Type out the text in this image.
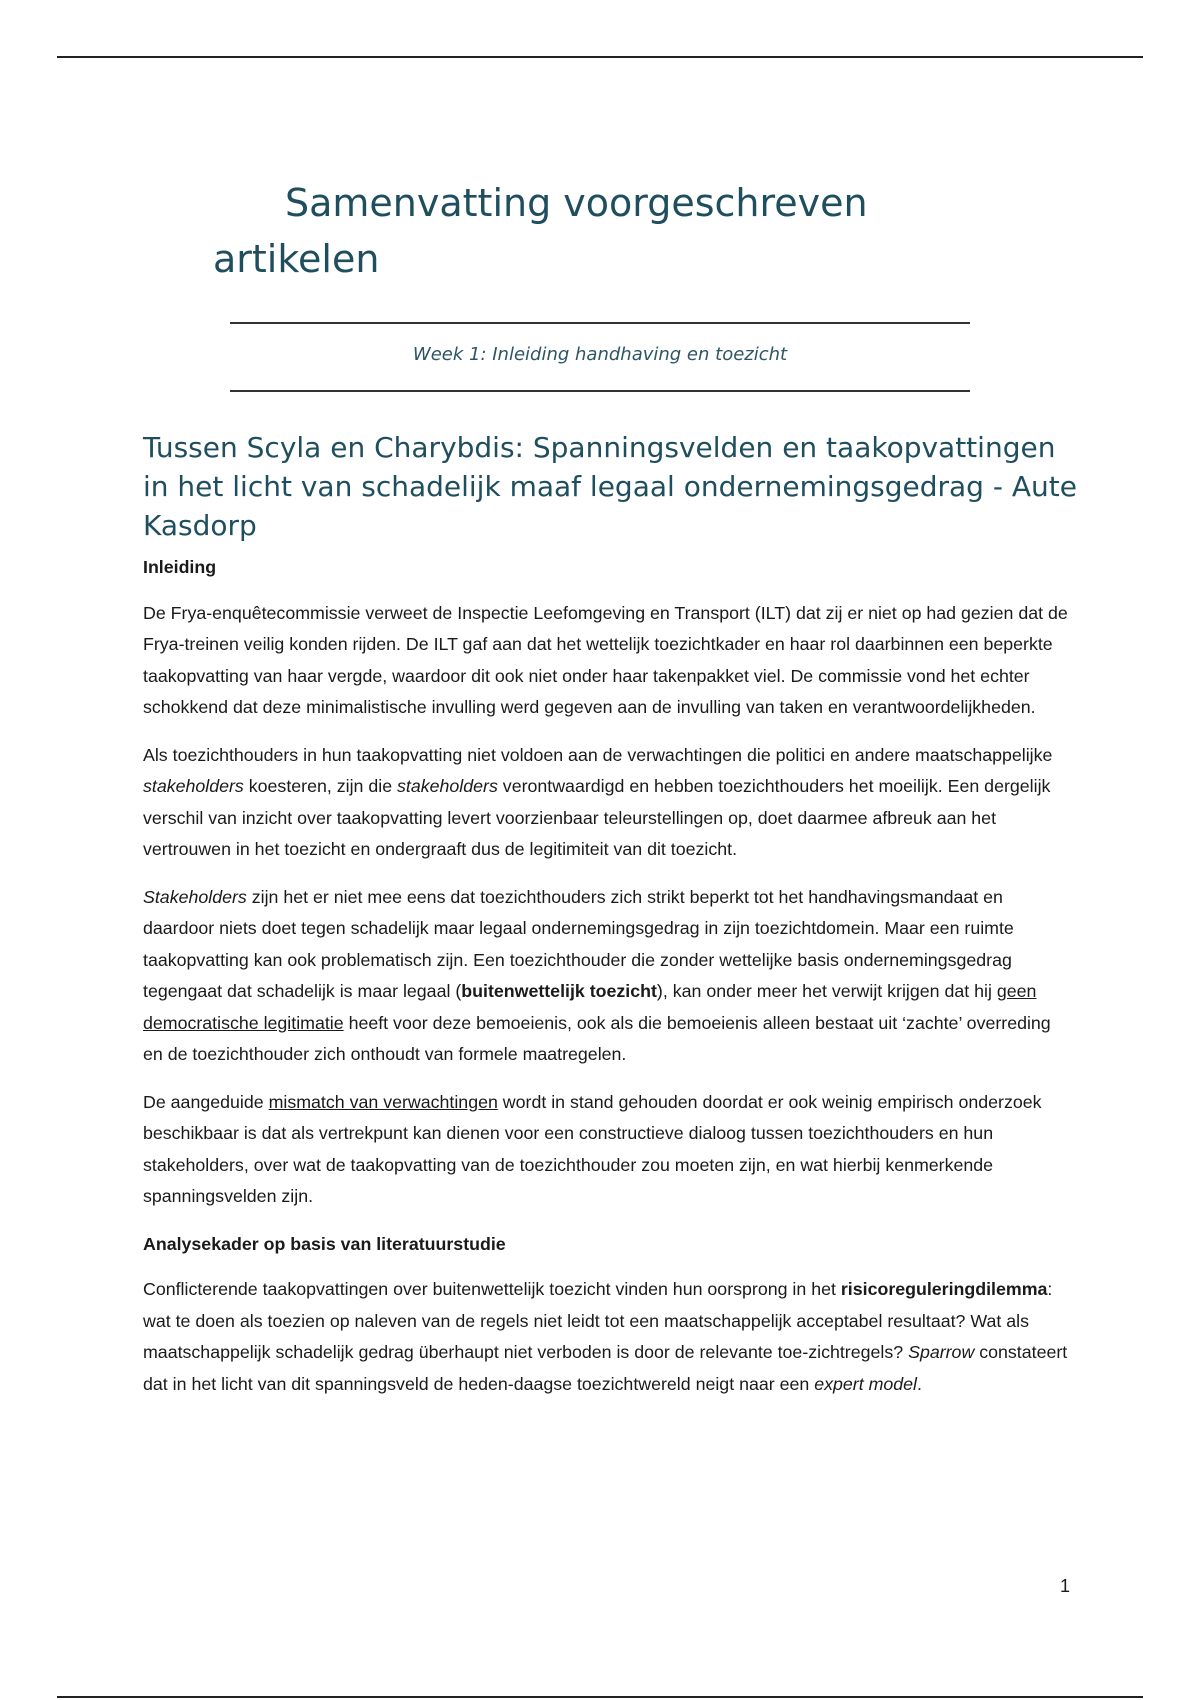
Samenvatting voorgeschreven artikelen
Week 1: Inleiding handhaving en toezicht
Tussen Scyla en Charybdis: Spanningsvelden en taakopvattingen in het licht van schadelijk maaf legaal ondernemingsgedrag - Aute Kasdorp
Inleiding

De Frya-enquêtecommissie verweet de Inspectie Leefomgeving en Transport (ILT) dat zij er niet op had gezien dat de Frya-treinen veilig konden rijden. De ILT gaf aan dat het wettelijk toezichtkader en haar rol daarbinnen een beperkte taakopvatting van haar vergde, waardoor dit ook niet onder haar takenpakket viel. De commissie vond het echter schokkend dat deze minimalistische invulling werd gegeven aan de invulling van taken en verantwoordelijkheden.

Als toezichthouders in hun taakopvatting niet voldoen aan de verwachtingen die politici en andere maatschappelijke stakeholders koesteren, zijn die stakeholders verontwaardigd en hebben toezichthouders het moeilijk. Een dergelijk verschil van inzicht over taakopvatting levert voorzienbaar teleurstellingen op, doet daarmee afbreuk aan het vertrouwen in het toezicht en ondergraaft dus de legitimiteit van dit toezicht.

Stakeholders zijn het er niet mee eens dat toezichthouders zich strikt beperkt tot het handhavingsmandaat en daardoor niets doet tegen schadelijk maar legaal ondernemingsgedrag in zijn toezichtdomein. Maar een ruimte taakopvatting kan ook problematisch zijn. Een toezichthouder die zonder wettelijke basis ondernemingsgedrag tegengaat dat schadelijk is maar legaal (buitenwettelijk toezicht), kan onder meer het verwijt krijgen dat hij geen democratische legitimatie heeft voor deze bemoeienis, ook als die bemoeienis alleen bestaat uit ‘zachte’ overreding en de toezichthouder zich onthoudt van formele maatregelen.

De aangeduide mismatch van verwachtingen wordt in stand gehouden doordat er ook weinig empirisch onderzoek beschikbaar is dat als vertrekpunt kan dienen voor een constructieve dialoog tussen toezichthouders en hun stakeholders, over wat de taakopvatting van de toezichthouder zou moeten zijn, en wat hierbij kenmerkende spanningsvelden zijn.

Analysekader op basis van literatuurstudie

Conflicterende taakopvattingen over buitenwettelijk toezicht vinden hun oorsprong in het risicoreguleringdilemma: wat te doen als toezien op naleven van de regels niet leidt tot een maatschappelijk acceptabel resultaat? Wat als maatschappelijk schadelijk gedrag überhaupt niet verboden is door de relevante toe-zichtregels? Sparrow constateert dat in het licht van dit spanningsveld de heden-daagse toezichtwereld neigt naar een expert model.

1
